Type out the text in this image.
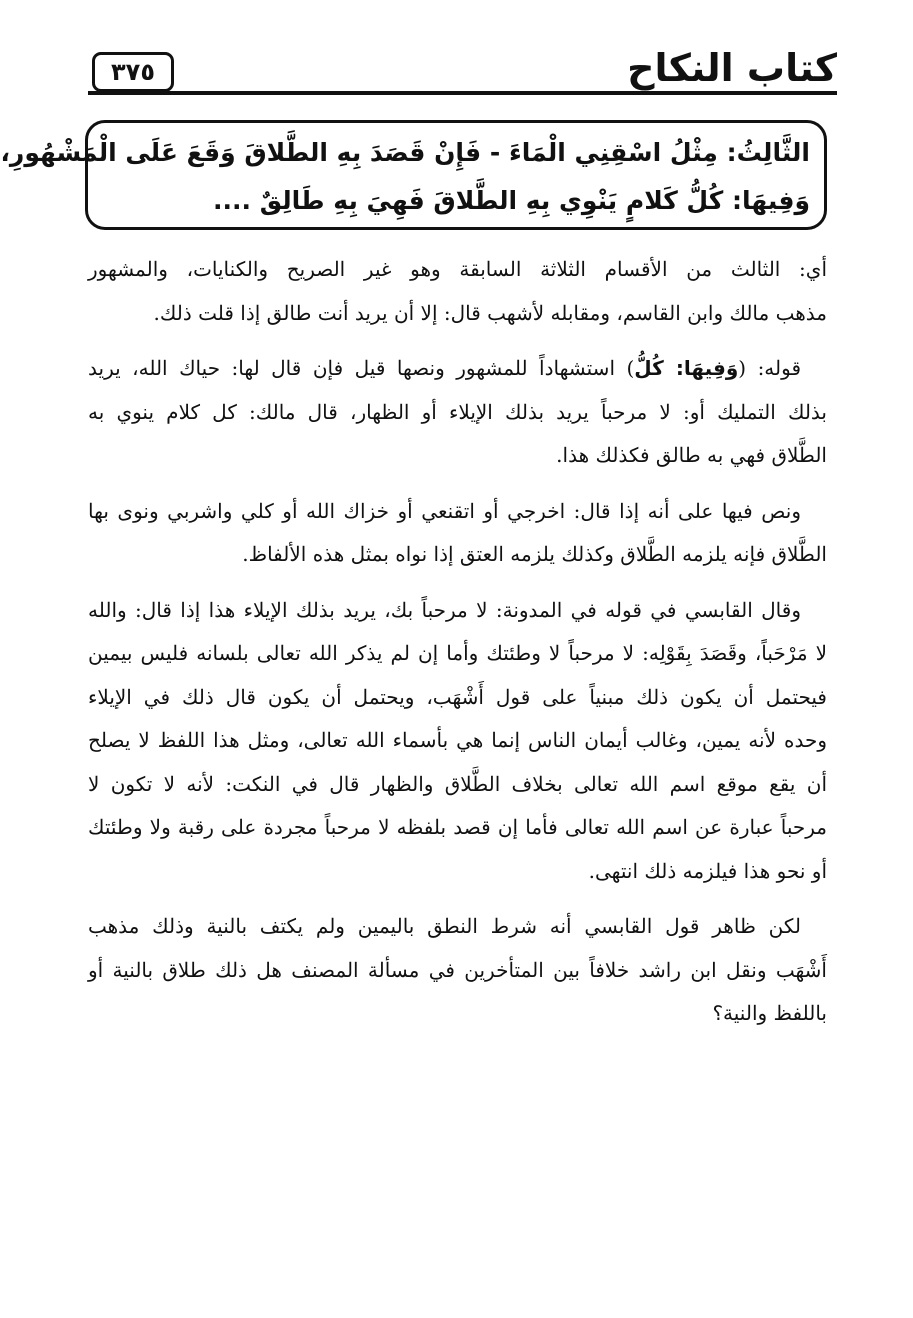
كتاب النكاح
٣٧٥
الثَّالِثُ: مِثْلُ اسْقِنِي الْمَاءَ - فَإِنْ قَصَدَ بِهِ الطَّلاقَ وَقَعَ عَلَى الْمَشْهُورِ،
وَفِيهَا: كُلُّ كَلامٍ يَنْوِي بِهِ الطَّلاقَ فَهِيَ بِهِ طَالِقٌ ....
أي: الثالث من الأقسام الثلاثة السابقة وهو غير الصريح والكنايات، والمشهور
مذهب مالك وابن القاسم، ومقابله لأشهب قال: إلا أن يريد أنت طالق إذا قلت ذلك.
قوله: (وَفِيهَا: كُلُّ) استشهاداً للمشهور ونصها قيل فإن قال لها: حياك الله، يريد
بذلك التمليك أو: لا مرحباً يريد بذلك الإيلاء أو الظهار، قال مالك: كل كلام ينوي به
الطَّلاق فهي به طالق فكذلك هذا.
ونص فيها على أنه إذا قال: اخرجي أو اتقنعي أو خزاك الله أو كلي واشربي ونوى بها
الطَّلاق فإنه يلزمه الطَّلاق وكذلك يلزمه العتق إذا نواه بمثل هذه الألفاظ.
وقال القابسي في قوله في المدونة: لا مرحباً بك، يريد بذلك الإيلاء هذا إذا قال: والله
لا مَرْحَباً، وقَصَدَ بِقَوْلِه: لا مرحباً لا وطئتك وأما إن لم يذكر الله تعالى بلسانه فليس بيمين
فيحتمل أن يكون ذلك مبنياً على قول أَشْهَب، ويحتمل أن يكون قال ذلك في الإيلاء
وحده لأنه يمين، وغالب أيمان الناس إنما هي بأسماء الله تعالى، ومثل هذا اللفظ لا يصلح
أن يقع موقع اسم الله تعالى بخلاف الطَّلاق والظهار قال في النكت: لأنه لا تكون لا
مرحباً عبارة عن اسم الله تعالى فأما إن قصد بلفظه لا مرحباً مجردة على رقبة ولا وطئتك
أو نحو هذا فيلزمه ذلك انتهى.
لكن ظاهر قول القابسي أنه شرط النطق باليمين ولم يكتف بالنية وذلك مذهب
أَشْهَب ونقل ابن راشد خلافاً بين المتأخرين في مسألة المصنف هل ذلك طلاق بالنية أو
باللفظ والنية؟
